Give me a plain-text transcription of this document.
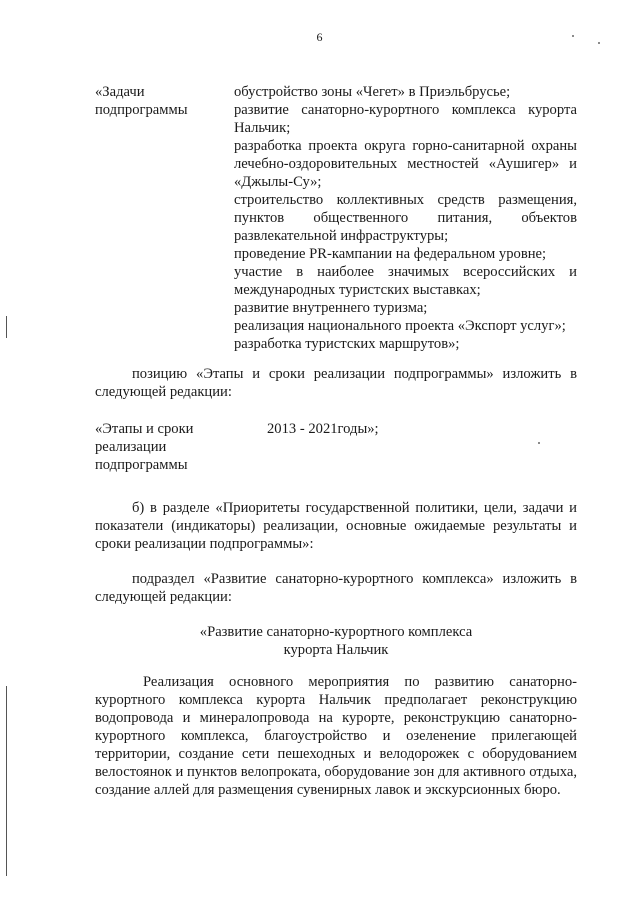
6
«Задачи
подпрограммы
обустройство зоны «Чегет» в Приэльбрусье;
развитие санаторно-курортного комплекса курорта Нальчик;
разработка проекта округа горно-санитарной охраны лечебно-оздоровительных местностей «Аушигер» и «Джылы-Су»;
строительство коллективных средств размещения, пунктов общественного питания, объектов развлекательной инфраструктуры;
проведение PR-кампании на федеральном уровне;
участие в наиболее значимых всероссийских и международных туристских выставках;
развитие внутреннего туризма;
реализация национального проекта «Экспорт услуг»;
разработка туристских маршрутов»;

позицию «Этапы и сроки реализации подпрограммы» изложить в следующей редакции:

«Этапы и сроки
реализации
подпрограммы
2013 - 2021годы»;

б) в разделе «Приоритеты государственной политики, цели, задачи и показатели (индикаторы) реализации, основные ожидаемые результаты и сроки реализации подпрограммы»:

подраздел «Развитие санаторно-курортного комплекса» изложить в следующей редакции:

«Развитие санаторно-курортного комплекса
курорта Нальчик

Реализация основного мероприятия по развитию санаторно-курортного комплекса курорта Нальчик предполагает реконструкцию водопровода и минералопровода на курорте, реконструкцию санаторно-курортного комплекса, благоустройство и озеленение прилегающей территории, создание сети пешеходных и велодорожек с оборудованием велостоянок и пунктов велопроката, оборудование зон для активного отдыха, создание аллей для размещения сувенирных лавок и экскурсионных бюро.
